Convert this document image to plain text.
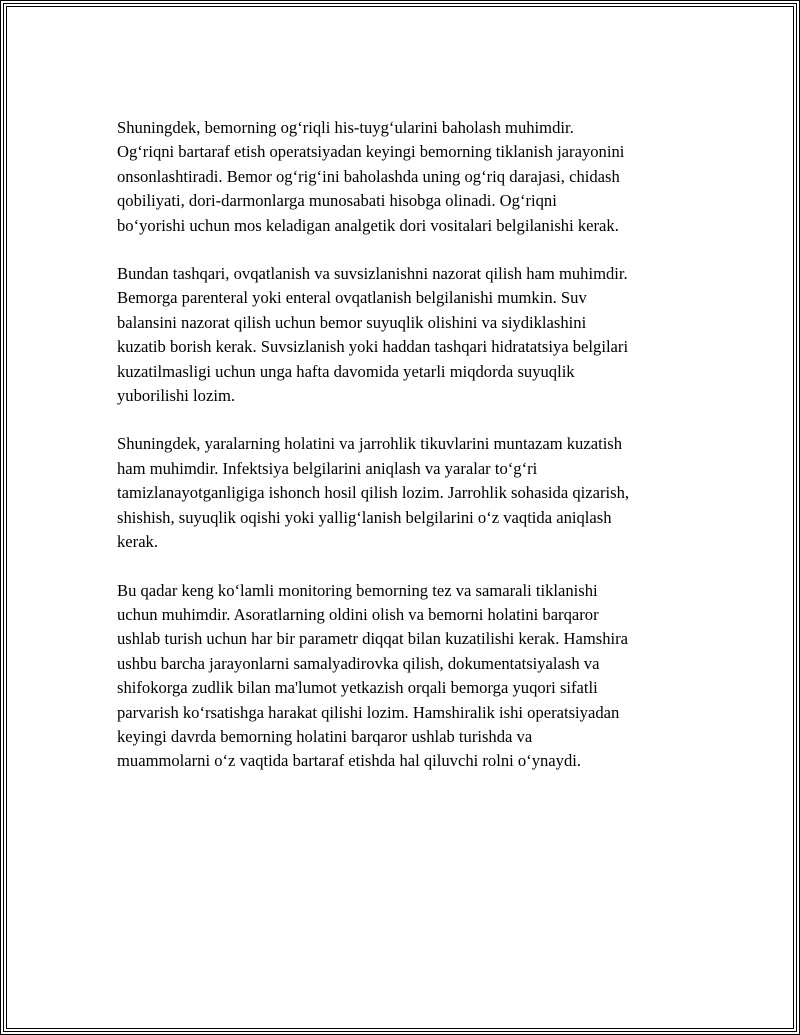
Shuningdek, bemorning og‘riqli his-tuyg‘ularini baholash muhimdir.
Og‘riqni bartaraf etish operatsiyadan keyingi bemorning tiklanish jarayonini
onsonlashtiradi. Bemor og‘rig‘ini baholashda uning og‘riq darajasi, chidash
qobiliyati, dori-darmonlarga munosabati hisobga olinadi. Og‘riqni
bo‘yorishi uchun mos keladigan analgetik dori vositalari belgilanishi kerak.

Bundan tashqari, ovqatlanish va suvsizlanishni nazorat qilish ham muhimdir.
Bemorga parenteral yoki enteral ovqatlanish belgilanishi mumkin. Suv
balansini nazorat qilish uchun bemor suyuqlik olishini va siydiklashini
kuzatib borish kerak. Suvsizlanish yoki haddan tashqari hidratatsiya belgilari
kuzatilmasligi uchun unga hafta davomida yetarli miqdorda suyuqlik
yuborilishi lozim.

Shuningdek, yaralarning holatini va jarrohlik tikuvlarini muntazam kuzatish
ham muhimdir. Infektsiya belgilarini aniqlash va yaralar to‘g‘ri
tamizlanayotganligiga ishonch hosil qilish lozim. Jarrohlik sohasida qizarish,
shishish, suyuqlik oqishi yoki yallig‘lanish belgilarini o‘z vaqtida aniqlash
kerak.

Bu qadar keng ko‘lamli monitoring bemorning tez va samarali tiklanishi
uchun muhimdir. Asoratlarning oldini olish va bemorni holatini barqaror
ushlab turish uchun har bir parametr diqqat bilan kuzatilishi kerak. Hamshira
ushbu barcha jarayonlarni samalyadirovka qilish, dokumentatsiyalash va
shifokorga zudlik bilan ma'lumot yetkazish orqali bemorga yuqori sifatli
parvarish ko‘rsatishga harakat qilishi lozim. Hamshiralik ishi operatsiyadan
keyingi davrda bemorning holatini barqaror ushlab turishda va
muammolarni o‘z vaqtida bartaraf etishda hal qiluvchi rolni o‘ynaydi.
